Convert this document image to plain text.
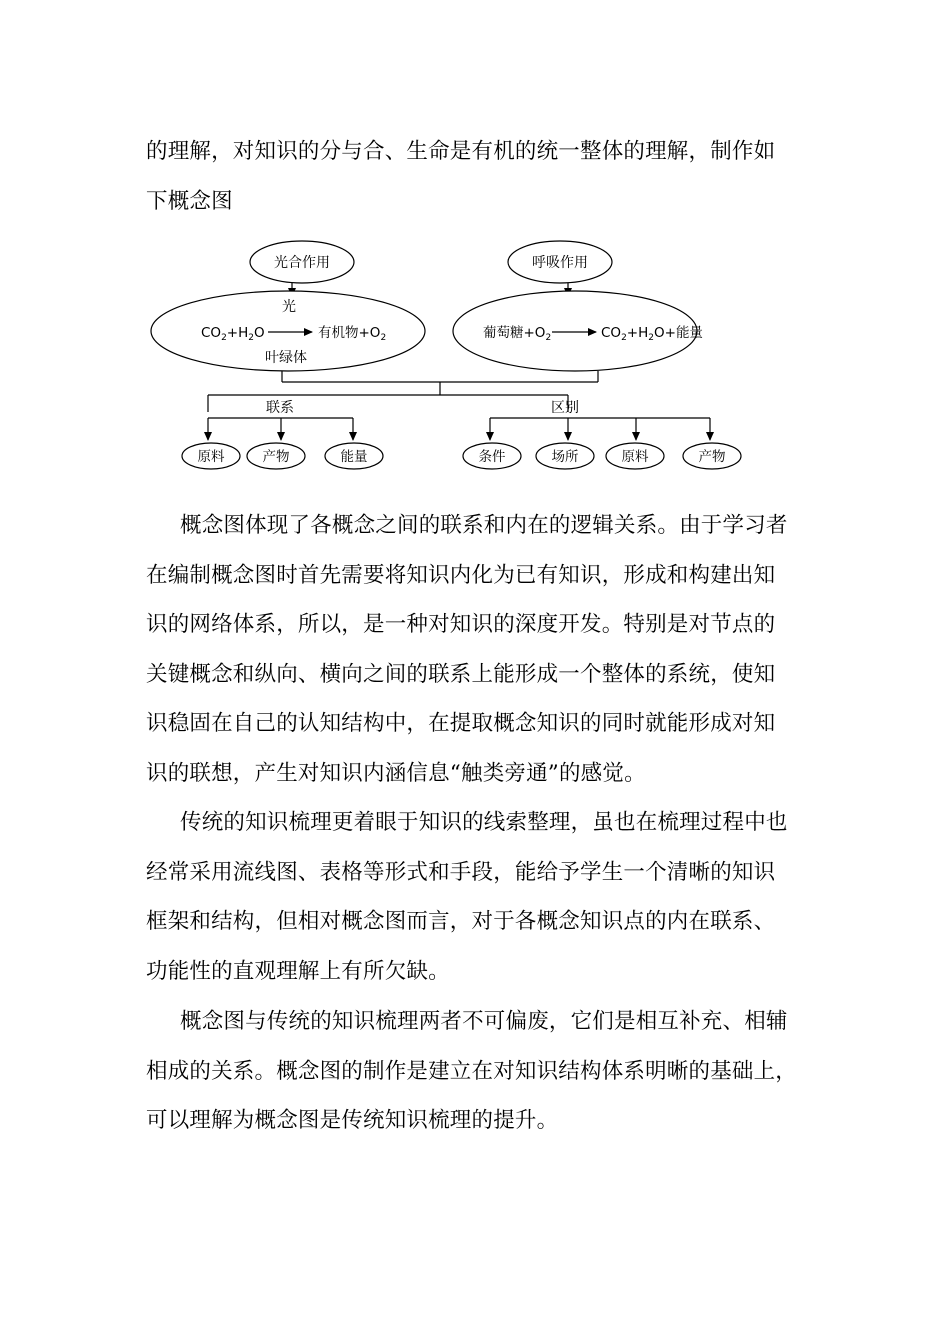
的理解，对知识的分与合、生命是有机的统一整体的理解，制作如
下概念图
光合作用	呼吸作用
光
$CO_2+H_2O$	有机物$+O_2$
叶绿体
葡萄糖$+O_2$	$CO_2+H_2O+$能量
联系	区别
原料	产物	能量	条件	场所	原料	产物
概念图体现了各概念之间的联系和内在的逻辑关系。由于学习者
在编制概念图时首先需要将知识内化为已有知识，形成和构建出知
识的网络体系，所以，是一种对知识的深度开发。特别是对节点的
关键概念和纵向、横向之间的联系上能形成一个整体的系统，使知
识稳固在自己的认知结构中，在提取概念知识的同时就能形成对知
识的联想，产生对知识内涵信息“触类旁通”的感觉。
传统的知识梳理更着眼于知识的线索整理，虽也在梳理过程中也
经常采用流线图、表格等形式和手段，能给予学生一个清晰的知识
框架和结构，但相对概念图而言，对于各概念知识点的内在联系、
功能性的直观理解上有所欠缺。
概念图与传统的知识梳理两者不可偏废，它们是相互补充、相辅
相成的关系。概念图的制作是建立在对知识结构体系明晰的基础上，
可以理解为概念图是传统知识梳理的提升。
